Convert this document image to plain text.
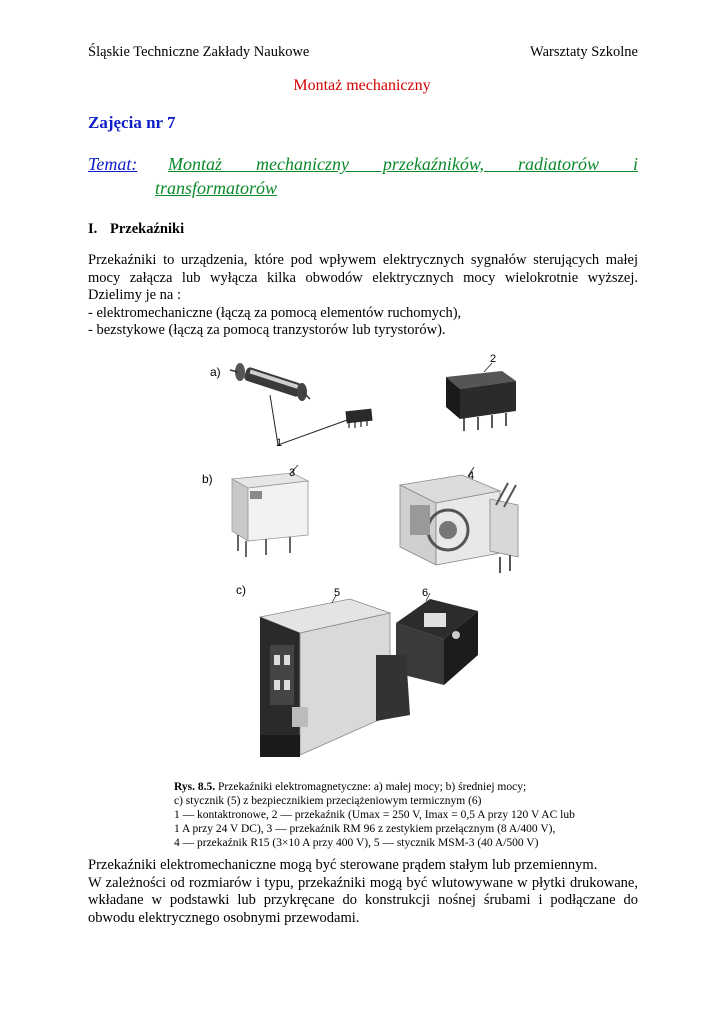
Śląskie Techniczne Zakłady Naukowe	Warsztaty Szkolne
Montaż mechaniczny
Zajęcia nr 7
Temat: Montaż mechaniczny przekaźników, radiatorów i
transformatorów
I. Przekaźniki
Przekaźniki to urządzenia, które pod wpływem elektrycznych sygnałów sterujących małej
mocy załącza lub wyłącza kilka obwodów elektrycznych mocy wielokrotnie wyższej.
Dzielimy je na :
- elektromechaniczne (łączą za pomocą elementów ruchomych),
- bezstykowe (łączą za pomocą tranzystorów lub tyrystorów).
a)
b)
c)
1
2
3	4
5	6
Rys. 8.5. Przekaźniki elektromagnetyczne: a) małej mocy; b) średniej mocy;
c) stycznik (5) z bezpiecznikiem przeciążeniowym termicznym (6)
1 — kontaktronowe, 2 — przekaźnik (Umax = 250 V, Imax = 0,5 A przy 120 V AC lub
1 A przy 24 V DC), 3 — przekaźnik RM 96 z zestykiem przełącznym (8 A/400 V),
4 — przekaźnik R15 (3×10 A przy 400 V), 5 — stycznik MSM-3 (40 A/500 V)
Przekaźniki elektromechaniczne mogą być sterowane prądem stałym lub przemiennym.
W zależności od rozmiarów i typu, przekaźniki mogą być wlutowywane w płytki drukowane,
wkładane w podstawki lub przykręcane do konstrukcji nośnej śrubami i podłączane do
obwodu elektrycznego osobnymi przewodami.
